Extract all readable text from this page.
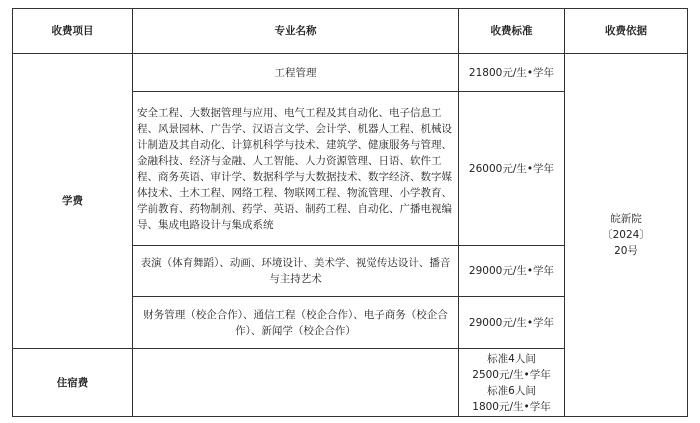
收费项目	专业名称	收费标准	收费依据
学费	工程管理	21800元/生•学年	皖新院
〔2024〕
20号

	安全工程、大数据管理与应用、电气工程及其自动化、电子信息工程、风景园林、广告学、汉语言文学、会计学、机器人工程、机械设计制造及其自动化、计算机科学与技术、建筑学、健康服务与管理、金融科技、经济与金融、人工智能、人力资源管理、日语、软件工程、商务英语、审计学、数据科学与大数据技术、数字经济、数字媒体技术、土木工程、网络工程、物联网工程、物流管理、小学教育、学前教育、药物制剂、药学、英语、制药工程、自动化、广播电视编导、集成电路设计与集成系统	26000元/生•学年	
	表演（体育舞蹈）、动画、环境设计、美术学、视觉传达设计、播音与主持艺术	29000元/生•学年	
	财务管理（校企合作）、通信工程（校企合作）、电子商务（校企合作）、新闻学（校企合作）	29000元/生•学年	
住宿费		标准4人间
2500元/生•学年
标准6人间
1800元/生•学年	
